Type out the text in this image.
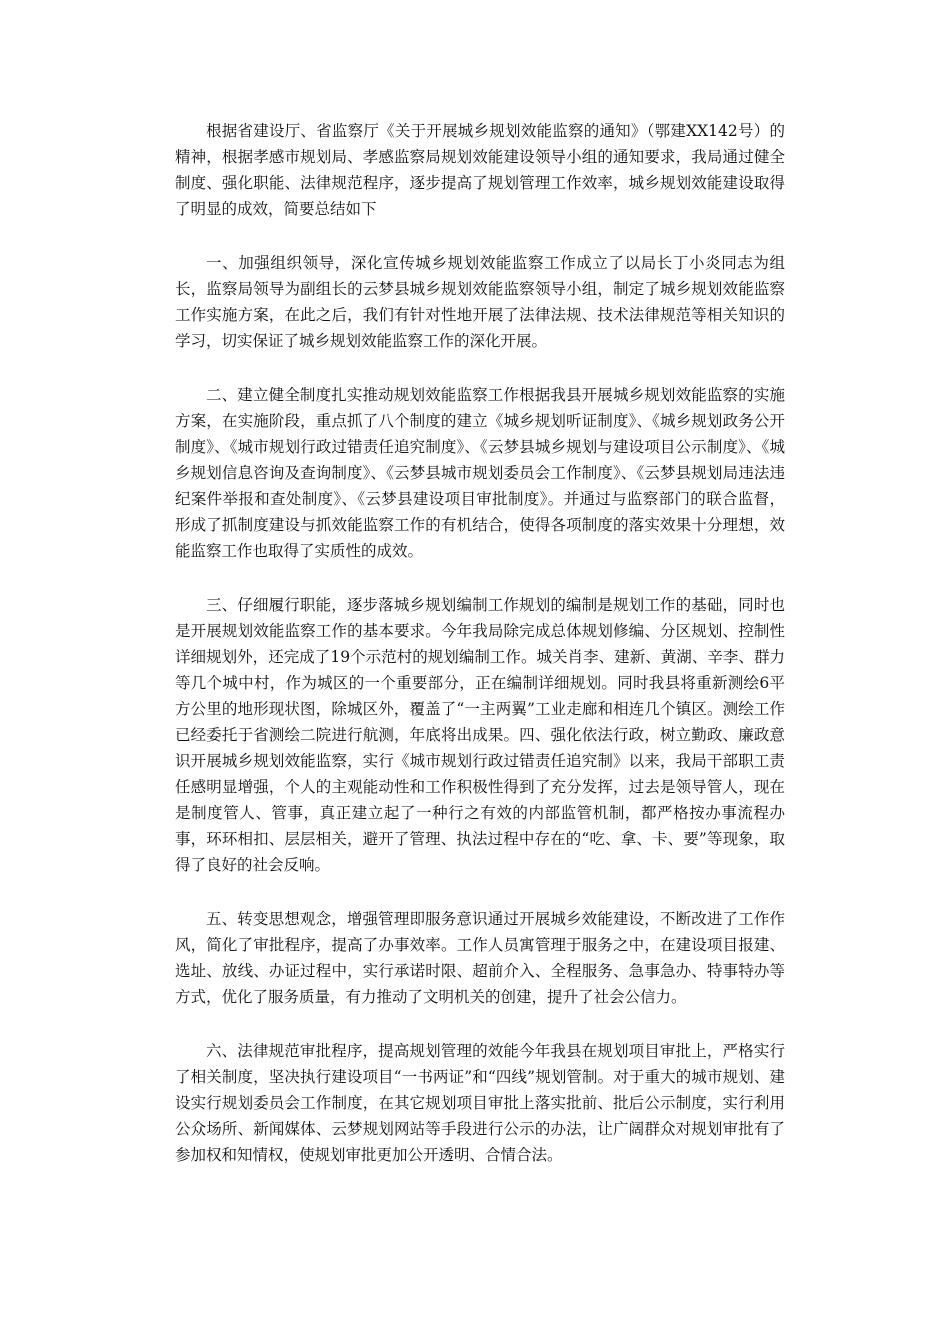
根据省建设厅、省监察厅《关于开展城乡规划效能监察的通知》（鄂建XX142号）的精神，根据孝感市规划局、孝感监察局规划效能建设领导小组的通知要求，我局通过健全制度、强化职能、法律规范程序，逐步提高了规划管理工作效率，城乡规划效能建设取得了明显的成效，简要总结如下

一、加强组织领导，深化宣传城乡规划效能监察工作成立了以局长丁小炎同志为组长，监察局领导为副组长的云梦县城乡规划效能监察领导小组，制定了城乡规划效能监察工作实施方案，在此之后，我们有针对性地开展了法律法规、技术法律规范等相关知识的学习，切实保证了城乡规划效能监察工作的深化开展。

二、建立健全制度扎实推动规划效能监察工作根据我县开展城乡规划效能监察的实施方案，在实施阶段，重点抓了八个制度的建立《城乡规划听证制度》、《城乡规划政务公开制度》、《城市规划行政过错责任追究制度》、《云梦县城乡规划与建设项目公示制度》、《城乡规划信息咨询及查询制度》、《云梦县城市规划委员会工作制度》、《云梦县规划局违法违纪案件举报和查处制度》、《云梦县建设项目审批制度》。并通过与监察部门的联合监督，形成了抓制度建设与抓效能监察工作的有机结合，使得各项制度的落实效果十分理想，效能监察工作也取得了实质性的成效。

三、仔细履行职能，逐步落城乡规划编制工作规划的编制是规划工作的基础，同时也是开展规划效能监察工作的基本要求。今年我局除完成总体规划修编、分区规划、控制性详细规划外，还完成了19个示范村的规划编制工作。城关肖李、建新、黄湖、辛李、群力等几个城中村，作为城区的一个重要部分，正在编制详细规划。同时我县将重新测绘6平方公里的地形现状图，除城区外，覆盖了“一主两翼”工业走廊和相连几个镇区。测绘工作已经委托于省测绘二院进行航测，年底将出成果。四、强化依法行政，树立勤政、廉政意识开展城乡规划效能监察，实行《城市规划行政过错责任追究制》以来，我局干部职工责任感明显增强，个人的主观能动性和工作积极性得到了充分发挥，过去是领导管人，现在是制度管人、管事，真正建立起了一种行之有效的内部监管机制，都严格按办事流程办事，环环相扣、层层相关，避开了管理、执法过程中存在的“吃、拿、卡、要”等现象，取得了良好的社会反响。

五、转变思想观念，增强管理即服务意识通过开展城乡效能建设，不断改进了工作作风，简化了审批程序，提高了办事效率。工作人员寓管理于服务之中，在建设项目报建、选址、放线、办证过程中，实行承诺时限、超前介入、全程服务、急事急办、特事特办等方式，优化了服务质量，有力推动了文明机关的创建，提升了社会公信力。

六、法律规范审批程序，提高规划管理的效能今年我县在规划项目审批上，严格实行了相关制度，坚决执行建设项目“一书两证”和“四线”规划管制。对于重大的城市规划、建设实行规划委员会工作制度，在其它规划项目审批上落实批前、批后公示制度，实行利用公众场所、新闻媒体、云梦规划网站等手段进行公示的办法，让广阔群众对规划审批有了参加权和知情权，使规划审批更加公开透明、合情合法。
